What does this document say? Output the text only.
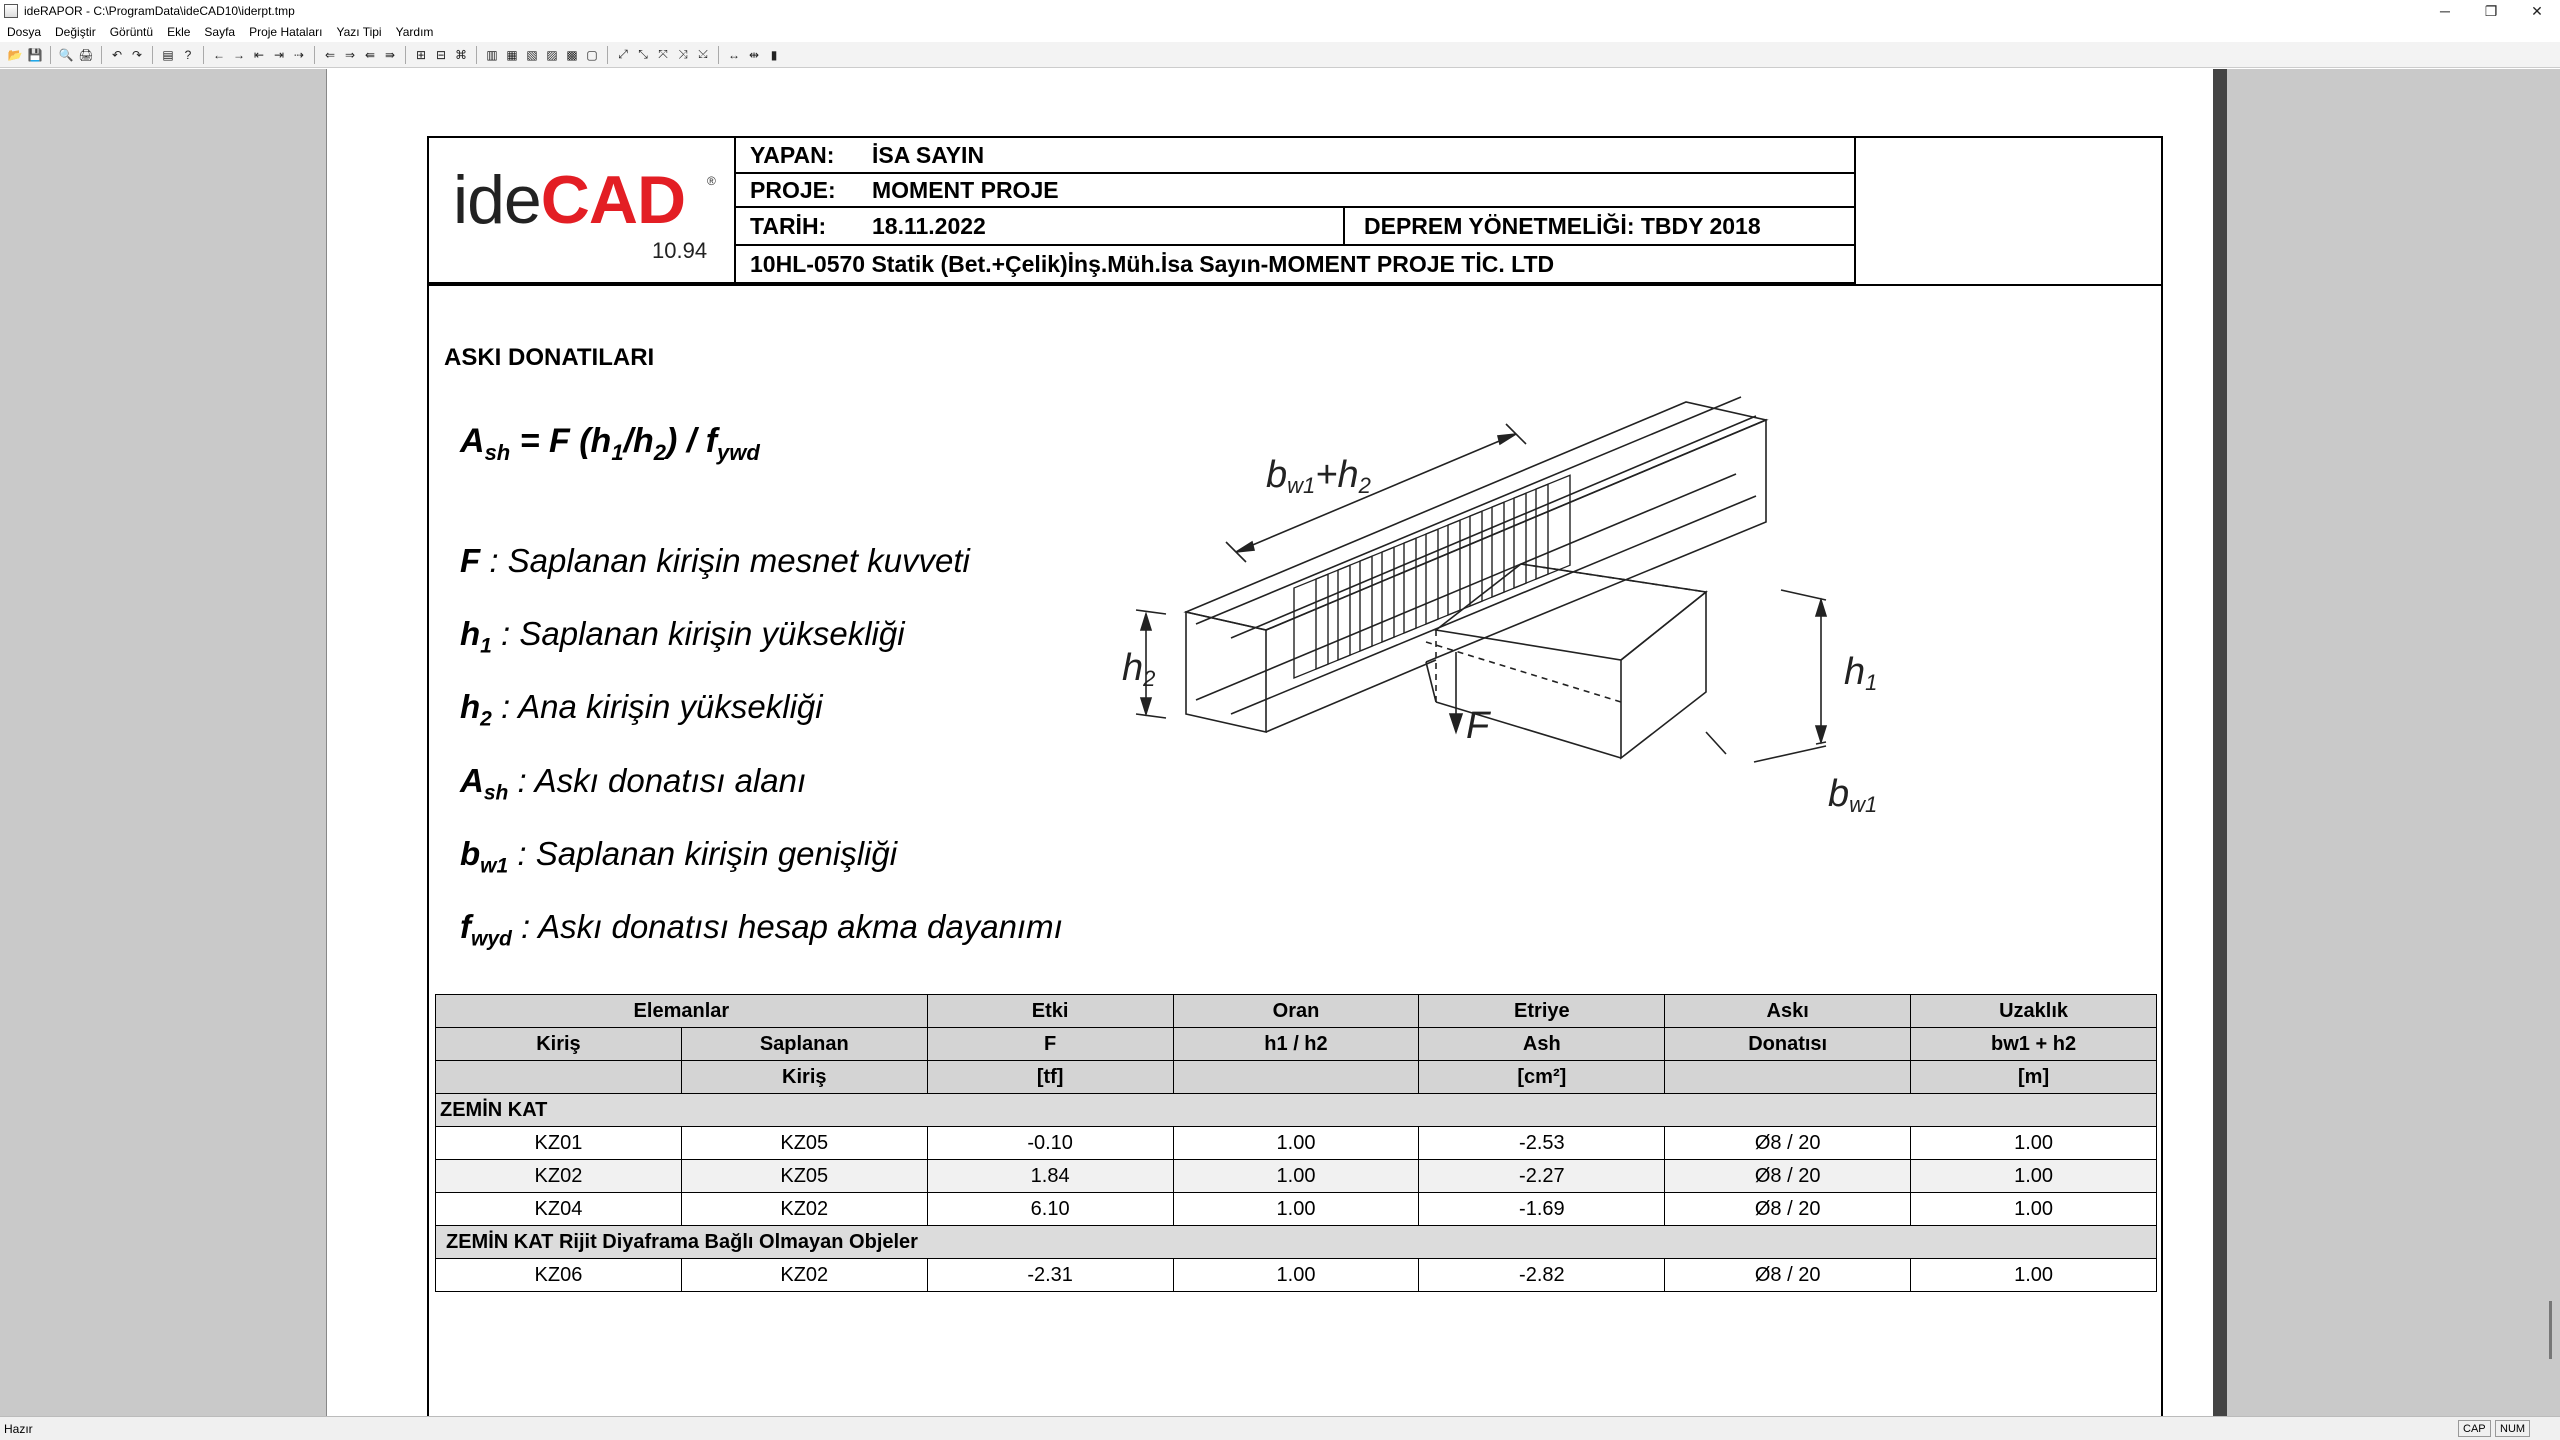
ideRAPOR - C:\ProgramData\ideCAD10\iderpt.tmp	─	❐	✕
Dosya	Değiştir	Görüntü	Ekle	Sayfa	Proje Hataları	Yazı Tipi	Yardım
📂 💾 🔍 🖨	↶ ↷	▤ ?	← → ⇤ ⇥ ⇢	⇐ ⇒ ⇚ ⇛	⊞ ⊟ ⌘ ▥ ▦ ▧ ▨ ▩ ▢	⤢ ⤡ ⤧ ⤨ ⤩	↔ ⇹ ▮
ideCAD ®
10.94
YAPAN:	İSA SAYIN
PROJE:	MOMENT PROJE
TARİH:	18.11.2022	DEPREM YÖNETMELİĞİ: TBDY 2018
10HL-0570 Statik (Bet.+Çelik)İnş.Müh.İsa Sayın-MOMENT PROJE TİC. LTD
ASKI DONATILARI
$A_{sh} = F$ $(h_1/h_2) / f_{ywd}$
F : Saplanan kirişin mesnet kuvveti
$h_1$ : Saplanan kirişin yüksekliği
$h_2$ : Ana kirişin yüksekliği
$A_{sh}$ : Askı donatısı alanı
$b_{w1}$ : Saplanan kirişin genişliği
$f_{wyd}$ : Askı donatısı hesap akma dayanımı
bw1+h2
h2	h1
bw1
F
Elemanlar		Etki	Oran	Etriye	Askı	Uzaklık
Kiriş	Saplanan	F	h1 / h2	Ash	Donatısı	bw1 + h2
	Kiriş	[tf]		[cm²]		[m]
ZEMİN KAT						
KZ01	KZ05	-0.10	1.00	-2.53	Ø8 / 20	1.00
KZ02	KZ05	1.84	1.00	-2.27	Ø8 / 20	1.00
KZ04	KZ02	6.10	1.00	-1.69	Ø8 / 20	1.00
ZEMİN KAT Rijit Diyaframa Bağlı Olmayan Objeler						
KZ06	KZ02	-2.31	1.00	-2.82	Ø8 / 20	1.00
Hazır	CAP	NUM
